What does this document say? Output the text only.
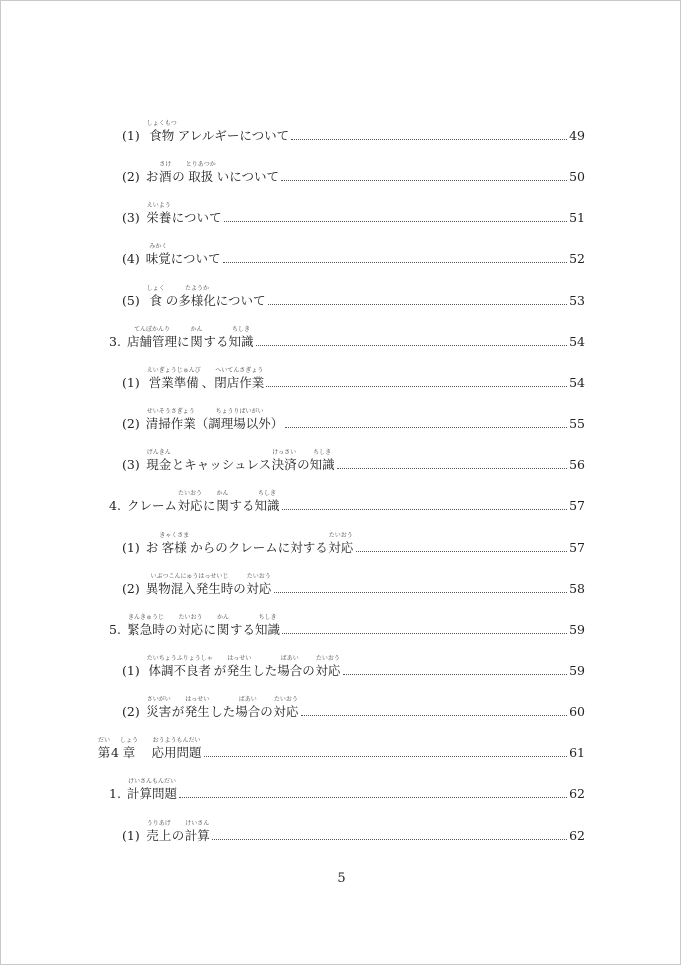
(1)
しょくもつ
食物 アレルギーについて	49
(2) お
さけ
酒 の
とりあつか
取扱 いについて	50
(3)
えいよう
栄養 について	51
(4)
みかく
味覚 について	52
(5)
しょく
食 の
たようか
多様化 について	53
3.
てんぽかんり
店舗管理 に
かん
関 する
ちしき
知識	54
(1)
えいぎょうじゅんび
営業準備 、
へいてんさぎょう
閉店作業	54
(2)
せいそうさぎょう
清掃作業 （
ちょうりばいがい
調理場以外 ）	55
(3)
げんきん
現金 とキャッシュレス
けっさい
決済 の
ちしき
知識	56
4. クレーム
たいおう
対応 に
かん
関 する
ちしき
知識	57
(1) お
きゃくさま
客様 からのクレームに 対 する
たいおう
対応	57
(2)
いぶつこんにゅうはっせいじ
異物混入発生時 の
たいおう
対応	58
5.
きんきゅうじ
緊急時 の
たいおう
対応 に
かん
関 する
ちしき
知識	59
(1)
たいちょうふりょうしゃ
体調不良者 が
はっせい
発生 した
ばあい
場合 の
たいおう
対応	59
(2)
さいがい
災害 が
はっせい
発生 した
ばあい
場合 の
たいおう
対応	60
だい
第 4
しょう
章

おうようもんだい
応用問題	61
1.
けいさんもんだい
計算問題	62
(1)
うりあげ
売上 の
けいさん
計算	62
5
